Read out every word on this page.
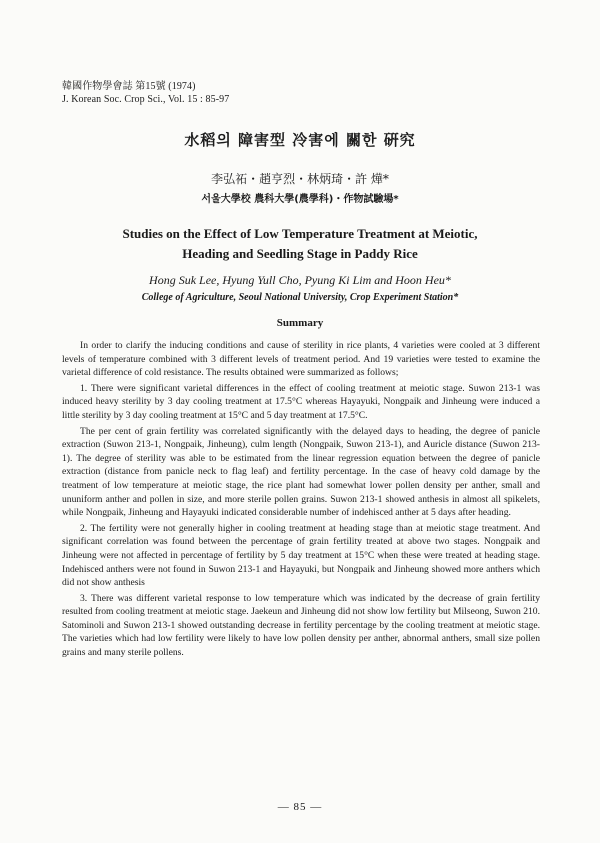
韓國作物學會誌 第15號 (1974)
J. Korean Soc. Crop Sci., Vol. 15 : 85-97
水稻의 障害型 冷害에 關한 硏究
李弘祏・趙亨烈・林炳琦・許 燁*
서울大學校 農科大學(農學科)・作物試驗場*
Studies on the Effect of Low Temperature Treatment at Meiotic,
Heading and Seedling Stage in Paddy Rice
Hong Suk Lee, Hyung Yull Cho, Pyung Ki Lim and Hoon Heu*
College of Agriculture, Seoul National University, Crop Experiment Station*
Summary

In order to clarify the inducing conditions and cause of sterility in rice plants, 4 varieties were cooled at 3 different levels of temperature combined with 3 different levels of treatment period. And 19 varieties were tested to examine the varietal difference of cold resistance. The results obtained were summarized as follows;

1. There were significant varietal differences in the effect of cooling treatment at meiotic stage. Suwon 213-1 was induced heavy sterility by 3 day cooling treatment at 17.5°C whereas Hayayuki, Nongpaik and Jinheung were induced a little sterility by 3 day cooling treatment at 15°C and 5 day treatment at 17.5°C.

The per cent of grain fertility was correlated significantly with the delayed days to heading, the degree of panicle extraction (Suwon 213-1, Nongpaik, Jinheung), culm length (Nongpaik, Suwon 213-1), and Auricle distance (Suwon 213-1). The degree of sterility was able to be estimated from the linear regression equation between the degree of panicle extraction (distance from panicle neck to flag leaf) and fertility percentage. In the case of heavy cold damage by the treatment of low temperature at meiotic stage, the rice plant had somewhat lower pollen density per anther, small and ununiform anther and pollen in size, and more sterile pollen grains. Suwon 213-1 showed anthesis in almost all spikelets, while Nongpaik, Jinheung and Hayayuki indicated considerable number of indehisced anther at 5 days after heading.

2. The fertility were not generally higher in cooling treatment at heading stage than at meiotic stage treatment. And significant correlation was found between the percentage of grain fertility treated at above two stages. Nongpaik and Jinheung were not affected in percentage of fertility by 5 day treatment at 15°C when these were treated at heading stage. Indehisced anthers were not found in Suwon 213-1 and Hayayuki, but Nongpaik and Jinheung showed more anthers which did not show anthesis

3. There was different varietal response to low temperature which was indicated by the decrease of grain fertility resulted from cooling treatment at meiotic stage. Jaekeun and Jinheung did not show low fertility but Milseong, Suwon 210. Satominoli and Suwon 213-1 showed outstanding decrease in fertility percentage by the cooling treatment at meiotic stage. The varieties which had low fertility were likely to have low pollen density per anther, abnormal anthers, small size pollen grains and many sterile pollens.

— 85 —
